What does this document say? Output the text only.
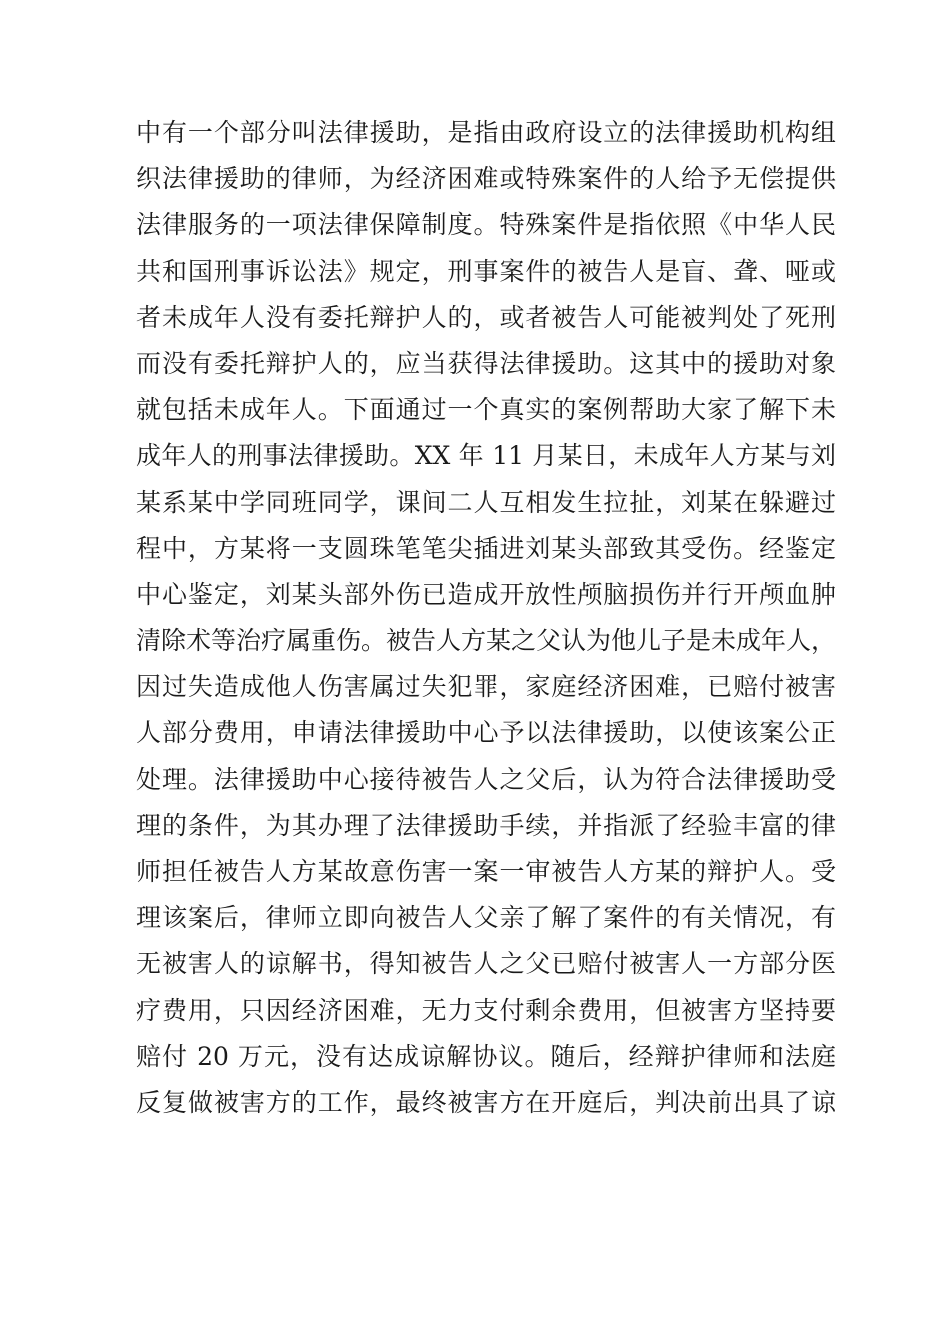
中有一个部分叫法律援助，是指由政府设立的法律援助机构组
织法律援助的律师，为经济困难或特殊案件的人给予无偿提供
法律服务的一项法律保障制度。特殊案件是指依照《中华人民
共和国刑事诉讼法》规定，刑事案件的被告人是盲、聋、哑或
者未成年人没有委托辩护人的，或者被告人可能被判处了死刑
而没有委托辩护人的，应当获得法律援助。这其中的援助对象
就包括未成年人。下面通过一个真实的案例帮助大家了解下未
成年人的刑事法律援助。XX 年 11 月某日，未成年人方某与刘
某系某中学同班同学，课间二人互相发生拉扯，刘某在躲避过
程中，方某将一支圆珠笔笔尖插进刘某头部致其受伤。经鉴定
中心鉴定，刘某头部外伤已造成开放性颅脑损伤并行开颅血肿
清除术等治疗属重伤。被告人方某之父认为他儿子是未成年人，
因过失造成他人伤害属过失犯罪，家庭经济困难，已赔付被害
人部分费用，申请法律援助中心予以法律援助，以使该案公正
处理。法律援助中心接待被告人之父后，认为符合法律援助受
理的条件，为其办理了法律援助手续，并指派了经验丰富的律
师担任被告人方某故意伤害一案一审被告人方某的辩护人。受
理该案后，律师立即向被告人父亲了解了案件的有关情况，有
无被害人的谅解书，得知被告人之父已赔付被害人一方部分医
疗费用，只因经济困难，无力支付剩余费用，但被害方坚持要
赔付 20 万元，没有达成谅解协议。随后，经辩护律师和法庭
反复做被害方的工作，最终被害方在开庭后，判决前出具了谅
